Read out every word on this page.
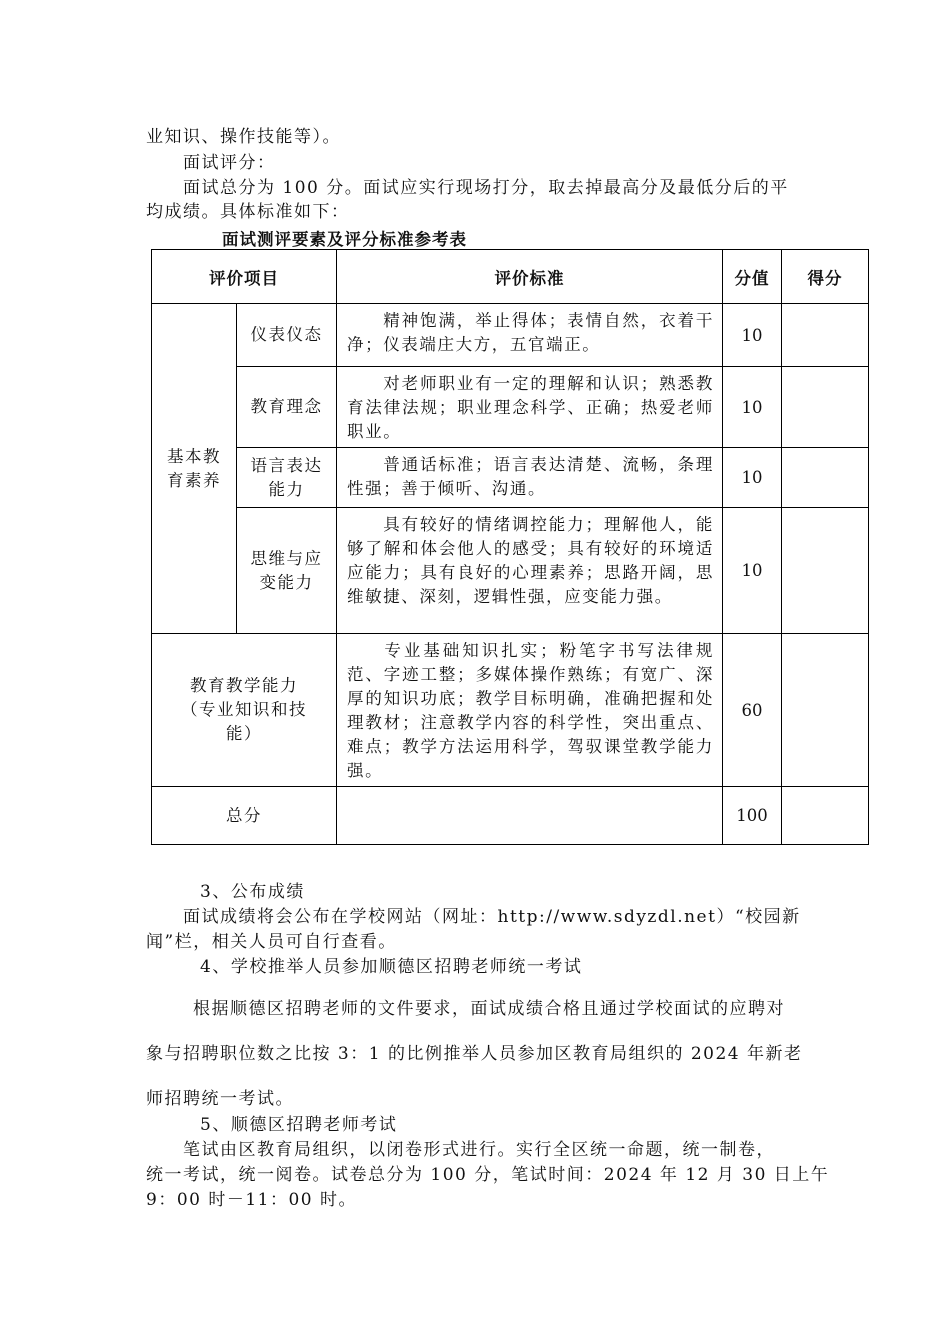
业知识、操作技能等）。
面试评分：
面试总分为 100 分。面试应实行现场打分，取去掉最高分及最低分后的平
均成绩。具体标准如下：
面试测评要素及评分标准参考表
评价项目		评价标准	分值	得分
基本教
育素养	仪表仪态	精神饱满，举止得体；表情自然，衣着干净；仪表端庄大方，五官端正。	10	
	教育理念	对老师职业有一定的理解和认识；熟悉教育法律法规；职业理念科学、正确；热爱老师职业。	10	
	语言表达能力	普通话标准；语言表达清楚、流畅，条理性强；善于倾听、沟通。	10	
	思维与应变能力	具有较好的情绪调控能力；理解他人，能够了解和体会他人的感受；具有较好的环境适应能力；具有良好的心理素养；思路开阔，思维敏捷、深刻，逻辑性强，应变能力强。	10	
教育教学能力（专业知识和技能）		专业基础知识扎实；粉笔字书写法律规范、字迹工整；多媒体操作熟练；有宽广、深厚的知识功底；教学目标明确，准确把握和处理教材；注意教学内容的科学性，突出重点、难点；教学方法运用科学，驾驭课堂教学能力强。	60	
总分			100	
3、公布成绩
面试成绩将会公布在学校网站（网址：http://www.sdyzdl.net）“校园新
闻”栏，相关人员可自行查看。
4、学校推举人员参加顺德区招聘老师统一考试
根据顺德区招聘老师的文件要求，面试成绩合格且通过学校面试的应聘对
象与招聘职位数之比按 3：1 的比例推举人员参加区教育局组织的 2024 年新老
师招聘统一考试。
5、顺德区招聘老师考试
笔试由区教育局组织，以闭卷形式进行。实行全区统一命题，统一制卷，
统一考试，统一阅卷。试卷总分为 100 分，笔试时间：2024 年 12 月 30 日上午
9：00 时－11：00 时。
